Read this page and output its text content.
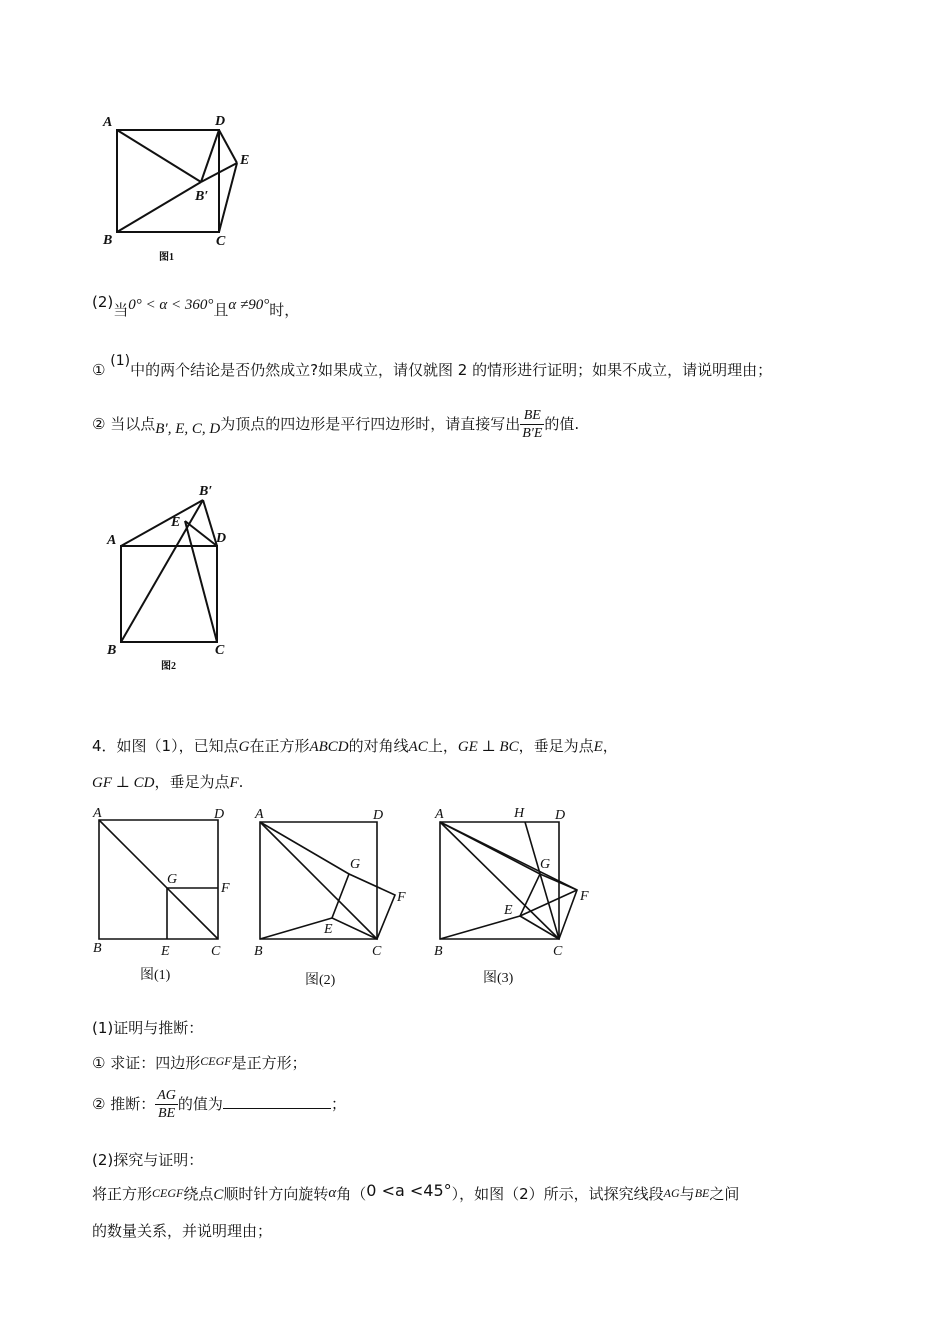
A	D
E
B′
B	C
图1
(2)当0° < α < 360°且α ≠90°时，
① (1)中的两个结论是否仍然成立?如果成立，请仅就图 2 的情形进行证明；如果不成立，请说明理由；
② 当以点B′, E, C, D为顶点的四边形是平行四边形时，请直接写出 $\frac{BE}{B'E}$ 的值.
B′
E
A	D
B	C
图2
4．如图（1），已知点G在正方形ABCD的对角线AC上，GE ⊥ BC，垂足为点E，
GF ⊥ CD，垂足为点F.
A	D
G
F
B	E	C
图(1)
A	D
G
F
E
B	C
图(2)
A	H D
G
F
E
B	C
图(3)
(1)证明与推断：
① 求证：四边形$^{CEGF}$是正方形；
② 推断： $\frac{AG}{BE}$ 的值为	；
(2)探究与证明：
将正方形CEGF绕点C顺时针方向旋转α角（0 <a <45°），如图（2）所示，试探究线段AG与BE之间
的数量关系，并说明理由；
